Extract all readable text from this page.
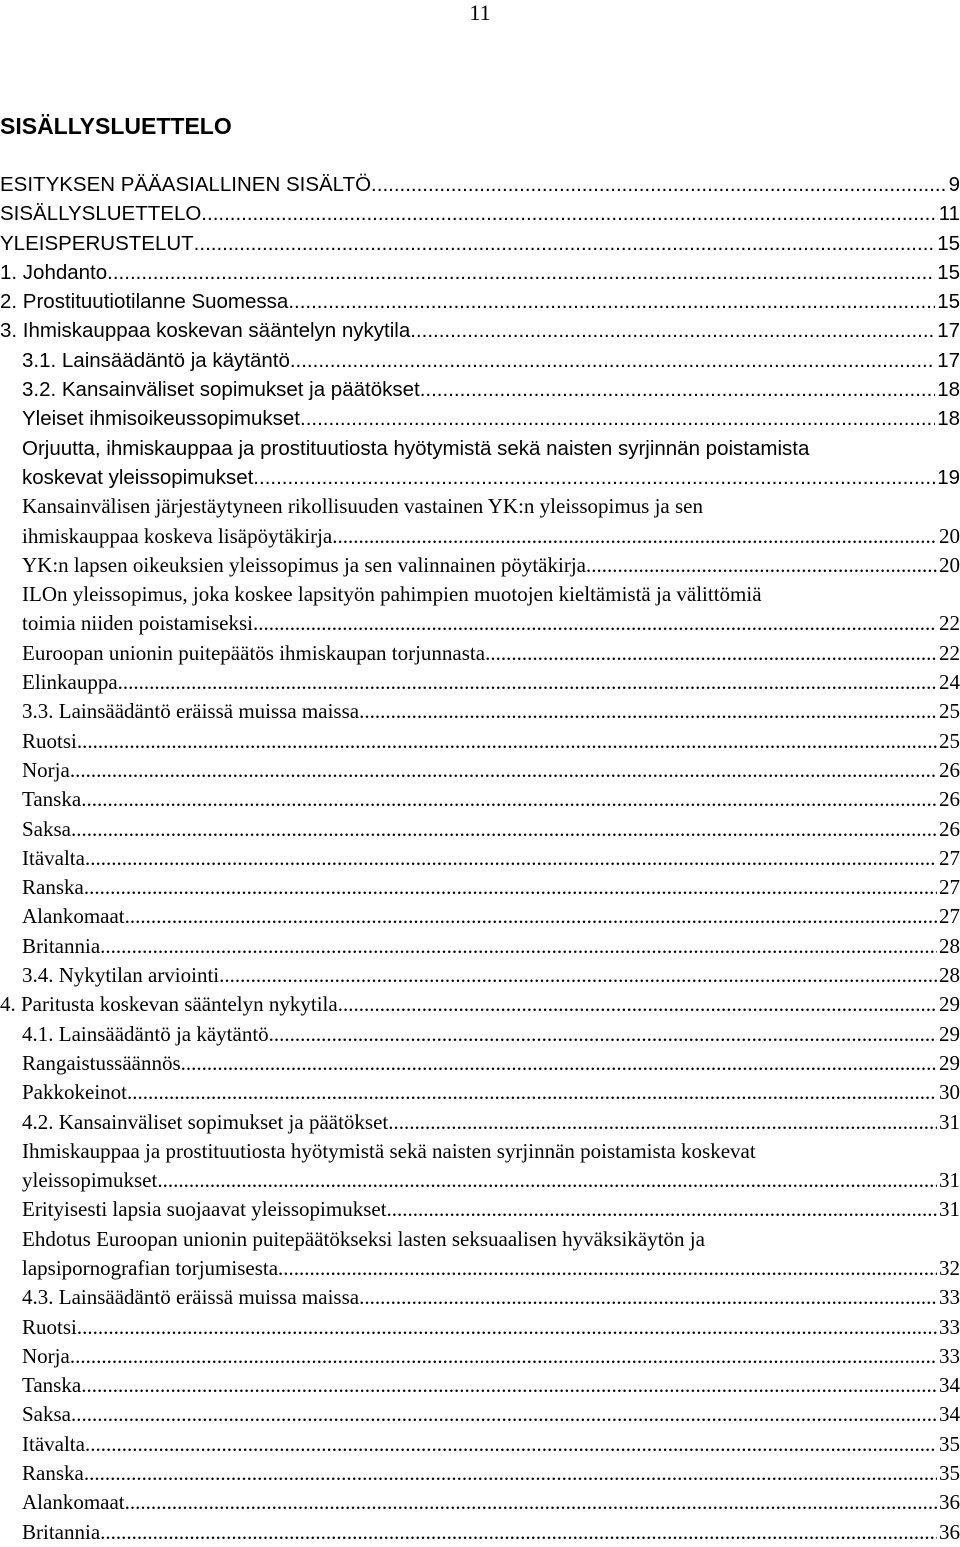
11
SISÄLLYSLUETTELO
ESITYKSEN PÄÄASIALLINEN SISÄLTÖ .....	9
SISÄLLYSLUETTELO .....	11
YLEISPERUSTELUT .....	15
1. Johdanto .....	15
2. Prostituutiotilanne Suomessa .....	15
3. Ihmiskauppaa koskevan sääntelyn nykytila .....	17
3.1. Lainsäädäntö ja käytäntö .....	17
3.2. Kansainväliset sopimukset ja päätökset .....	18
Yleiset ihmisoikeussopimukset .....	18
Orjuutta, ihmiskauppaa ja prostituutiosta hyötymistä sekä naisten syrjinnän poistamista
koskevat yleissopimukset .....	19
Kansainvälisen järjestäytyneen rikollisuuden vastainen YK:n yleissopimus ja sen
ihmiskauppaa koskeva lisäpöytäkirja .....	20
YK:n lapsen oikeuksien yleissopimus ja sen valinnainen pöytäkirja .....	20
ILOn yleissopimus, joka koskee lapsityön pahimpien muotojen kieltämistä ja välittömiä
toimia niiden poistamiseksi .....	22
Euroopan unionin puitepäätös ihmiskaupan torjunnasta .....	22
Elinkauppa .....	24
3.3. Lainsäädäntö eräissä muissa maissa .....	25
Ruotsi .....	25
Norja .....	26
Tanska .....	26
Saksa .....	26
Itävalta .....	27
Ranska .....	27
Alankomaat .....	27
Britannia .....	28
3.4. Nykytilan arviointi .....	28
4. Paritusta koskevan sääntelyn nykytila .....	29
4.1. Lainsäädäntö ja käytäntö .....	29
Rangaistussäännös .....	29
Pakkokeinot .....	30
4.2. Kansainväliset sopimukset ja päätökset .....	31
Ihmiskauppaa ja prostituutiosta hyötymistä sekä naisten syrjinnän poistamista koskevat
yleissopimukset .....	31
Erityisesti lapsia suojaavat yleissopimukset .....	31
Ehdotus Euroopan unionin puitepäätökseksi lasten seksuaalisen hyväksikäytön ja
lapsipornografian torjumisesta .....	32
4.3. Lainsäädäntö eräissä muissa maissa .....	33
Ruotsi .....	33
Norja .....	33
Tanska .....	34
Saksa .....	34
Itävalta .....	35
Ranska .....	35
Alankomaat .....	36
Britannia .....	36
